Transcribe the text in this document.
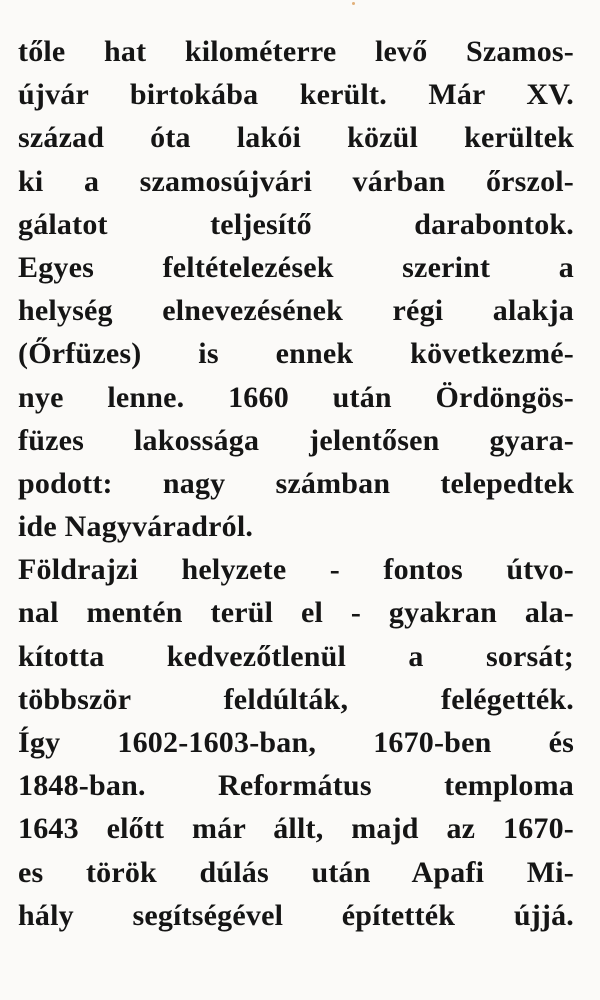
tőle hat kilométerre levő Szamos-
újvár birtokába került. Már XV.
század óta lakói közül kerültek
ki a szamosújvári várban őrszol-
gálatot teljesítő darabontok.
Egyes feltételezések szerint a
helység elnevezésének régi alakja
(Őrfüzes) is ennek következmé-
nye lenne. 1660 után Ördöngös-
füzes lakossága jelentősen gyara-
podott: nagy számban telepedtek
ide Nagyváradról.
Földrajzi helyzete - fontos útvo-
nal mentén terül el - gyakran ala-
kította kedvezőtlenül a sorsát;
többször feldúlták, felégették.
Így 1602-1603-ban, 1670-ben és
1848-ban. Református temploma
1643 előtt már állt, majd az 1670-
es török dúlás után Apafi Mi-
hály segítségével építették újjá.
